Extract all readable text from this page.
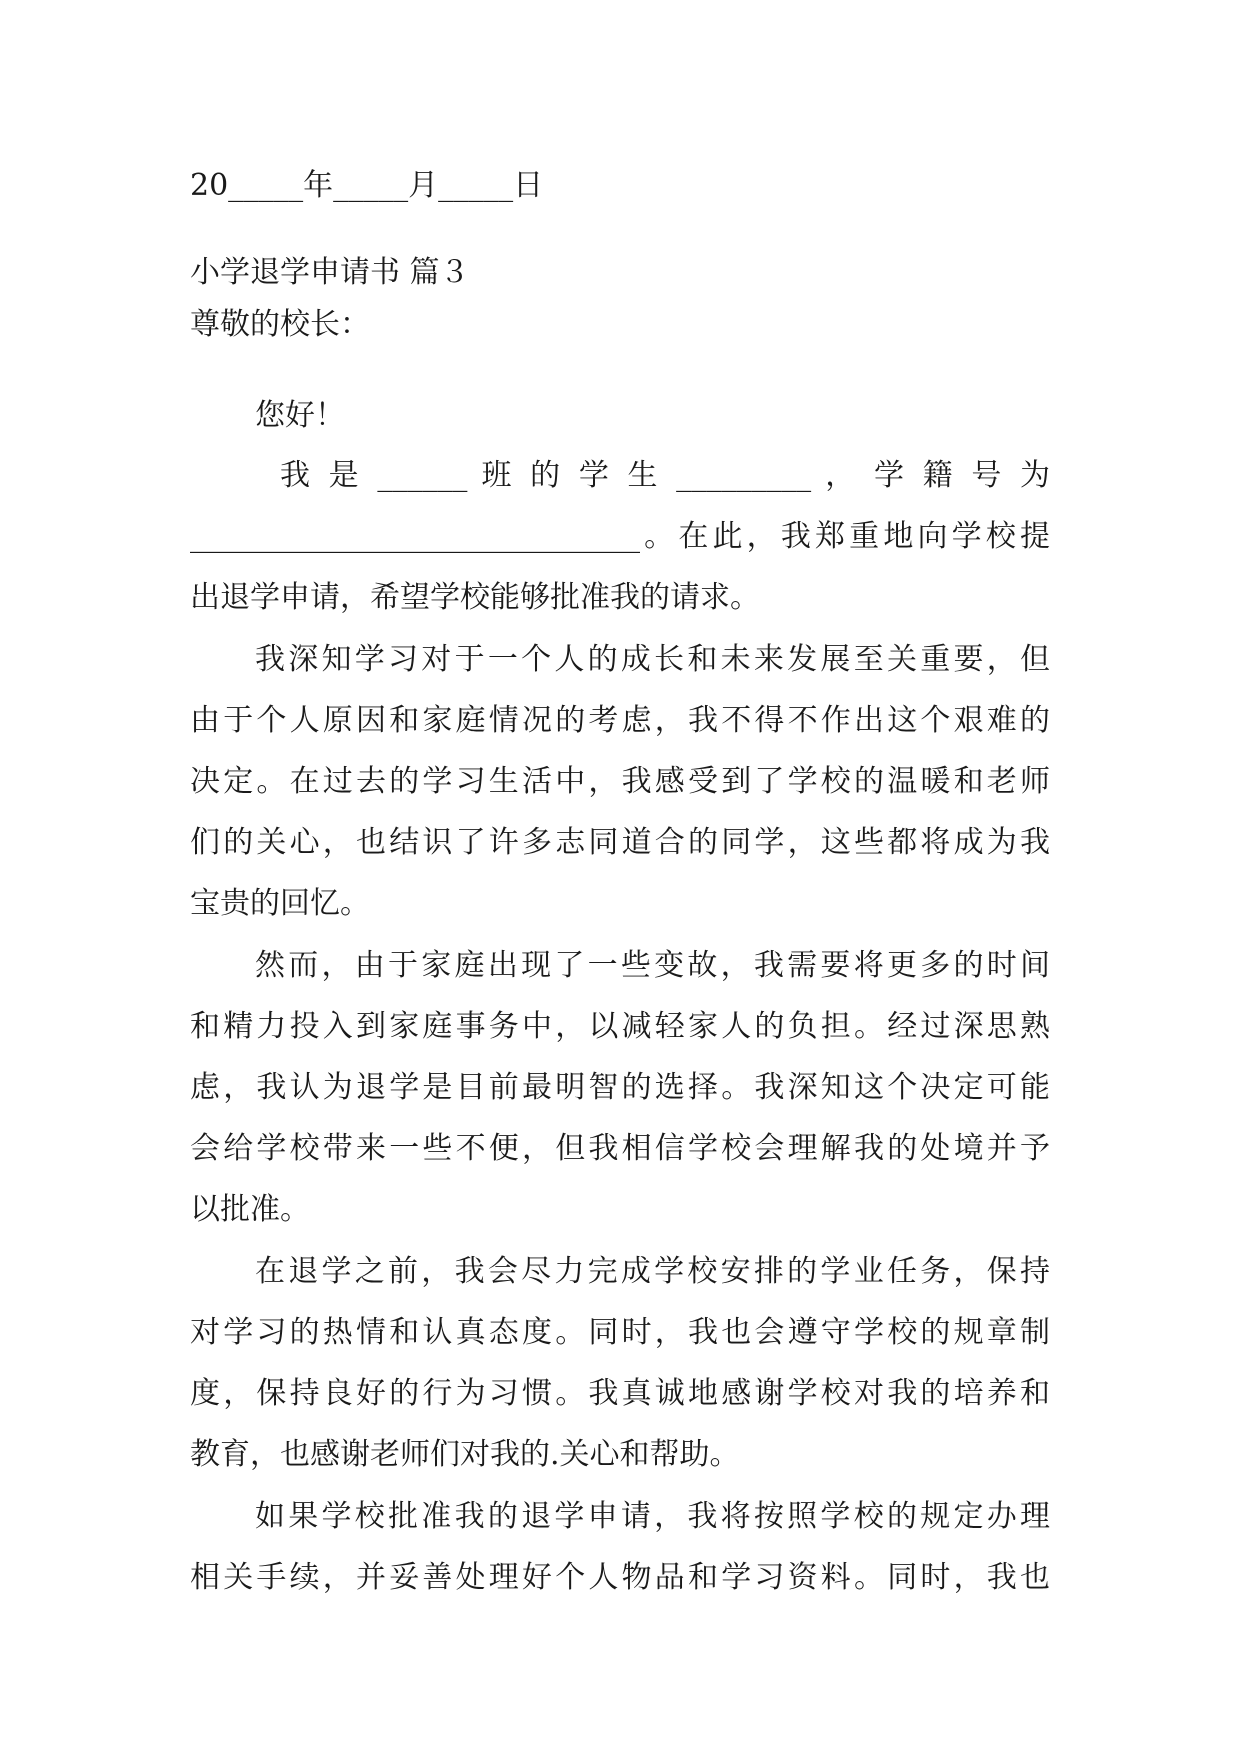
20_____年_____月_____日
小学退学申请书 篇３
尊敬的校长：
您好！
我 是 ______ 班 的 学 生 _________ ， 学 籍 号 为
______________________________。在此，我郑重地向学校提
出退学申请，希望学校能够批准我的请求。
我深知学习对于一个人的成长和未来发展至关重要，但
由于个人原因和家庭情况的考虑，我不得不作出这个艰难的
决定。在过去的学习生活中，我感受到了学校的温暖和老师
们的关心，也结识了许多志同道合的同学，这些都将成为我
宝贵的回忆。
然而，由于家庭出现了一些变故，我需要将更多的时间
和精力投入到家庭事务中，以减轻家人的负担。经过深思熟
虑，我认为退学是目前最明智的选择。我深知这个决定可能
会给学校带来一些不便，但我相信学校会理解我的处境并予
以批准。
在退学之前，我会尽力完成学校安排的学业任务，保持
对学习的热情和认真态度。同时，我也会遵守学校的规章制
度，保持良好的行为习惯。我真诚地感谢学校对我的培养和
教育，也感谢老师们对我的.关心和帮助。
如果学校批准我的退学申请，我将按照学校的规定办理
相关手续，并妥善处理好个人物品和学习资料。同时，我也
